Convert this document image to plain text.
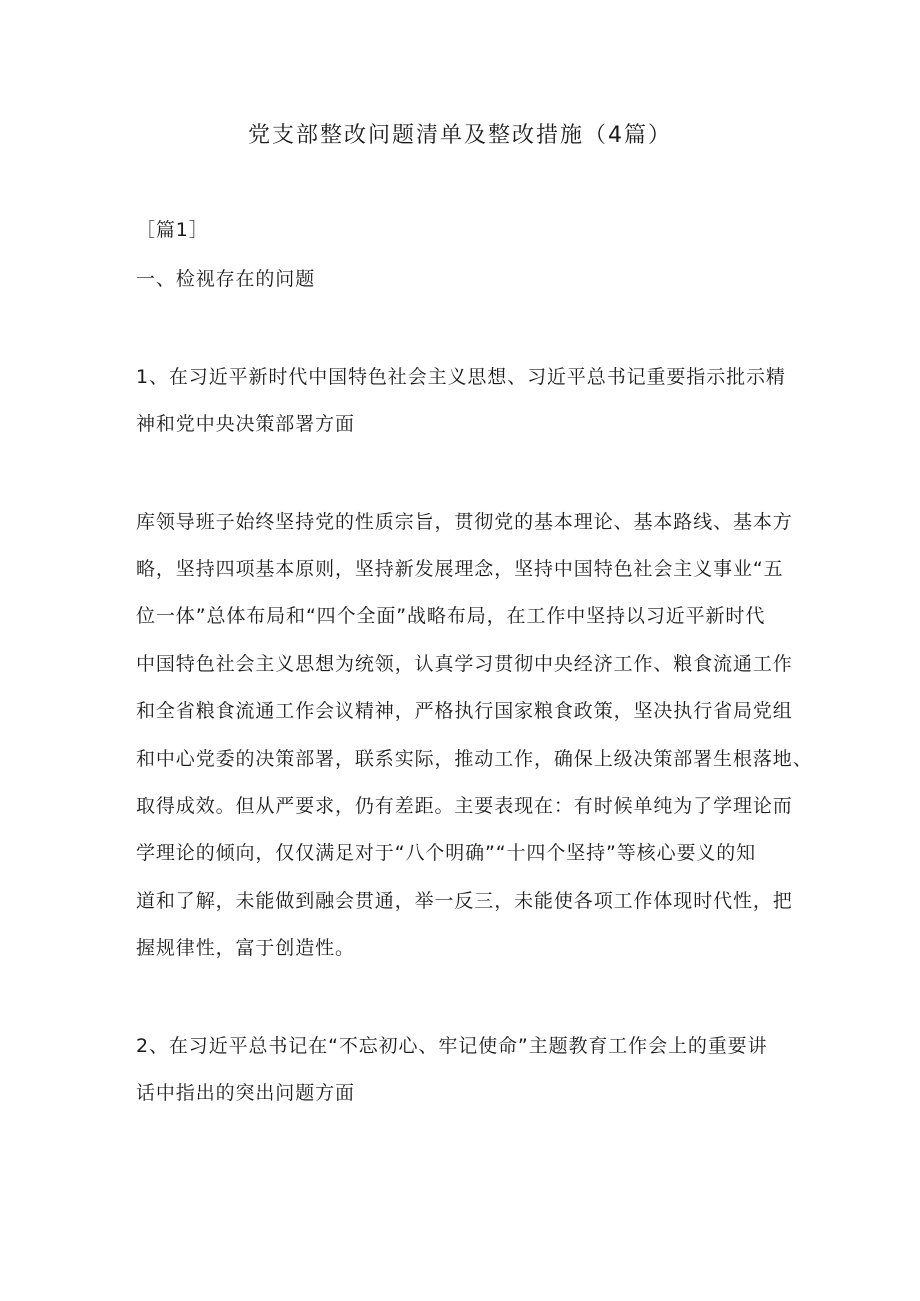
党支部整改问题清单及整改措施（4篇）
［篇1］
一、检视存在的问题
1、在习近平新时代中国特色社会主义思想、习近平总书记重要指示批示精
神和党中央决策部署方面
库领导班子始终坚持党的性质宗旨，贯彻党的基本理论、基本路线、基本方
略，坚持四项基本原则，坚持新发展理念，坚持中国特色社会主义事业“五
位一体”总体布局和“四个全面”战略布局，在工作中坚持以习近平新时代
中国特色社会主义思想为统领，认真学习贯彻中央经济工作、粮食流通工作
和全省粮食流通工作会议精神，严格执行国家粮食政策，坚决执行省局党组
和中心党委的决策部署，联系实际，推动工作，确保上级决策部署生根落地、
取得成效。但从严要求，仍有差距。主要表现在：有时候单纯为了学理论而
学理论的倾向，仅仅满足对于“八个明确”“十四个坚持”等核心要义的知
道和了解，未能做到融会贯通，举一反三，未能使各项工作体现时代性，把
握规律性，富于创造性。
2、在习近平总书记在“不忘初心、牢记使命”主题教育工作会上的重要讲
话中指出的突出问题方面
